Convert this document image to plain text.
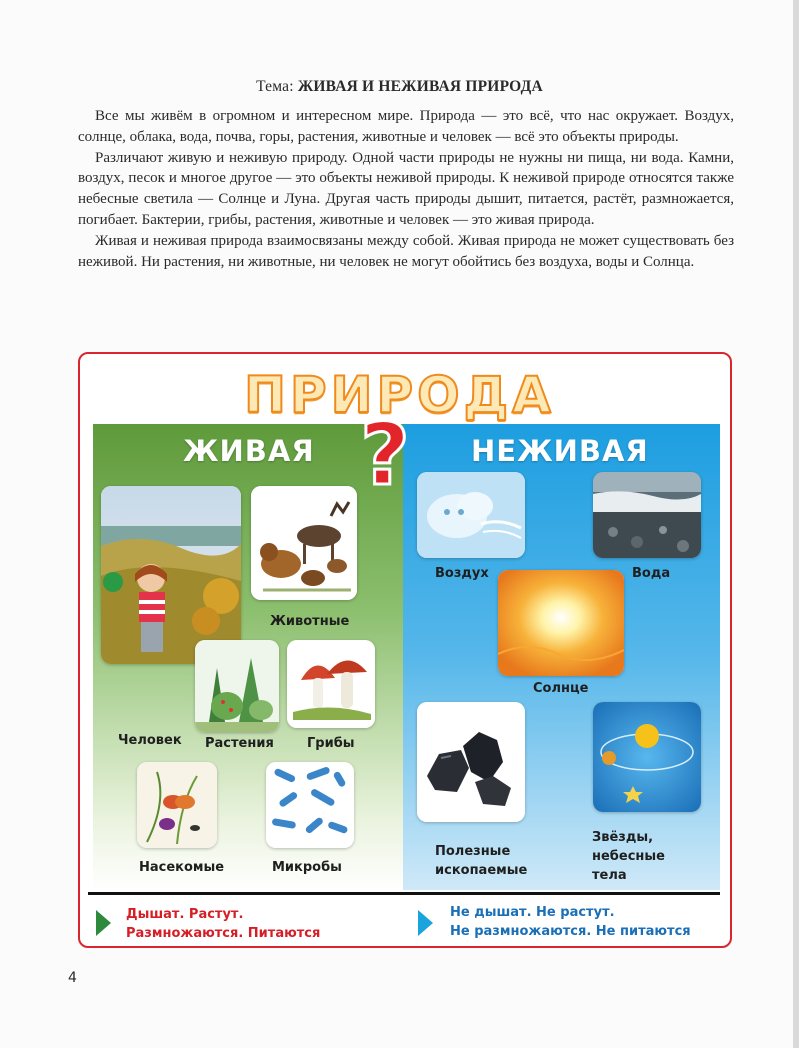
Тема: ЖИВАЯ И НЕЖИВАЯ ПРИРОДА

Все мы живём в огромном и интересном мире. Природа — это всё, что нас окружает. Воздух, солнце, облака, вода, почва, горы, растения, животные и человек — всё это объекты природы.

Различают живую и неживую природу. Одной части природы не нужны ни пища, ни вода. Камни, воздух, песок и многое другое — это объекты неживой природы. К неживой природе относятся также небесные светила — Солнце и Луна. Другая часть природы дышит, питается, растёт, размножается, погибает. Бактерии, грибы, растения, животные и человек — это живая природа.

Живая и неживая природа взаимосвязаны между собой. Живая природа не может существовать без неживой. Ни растения, ни животные, ни человек не могут обойтись без воздуха, воды и Солнца.

ЖИВАЯ	НЕЖИВАЯ
ПРИРОДА
?
Человек
Животные
Растения	Грибы
Насекомые	Микробы
Воздух	Вода
Солнце
Полезные ископаемые
Звёзды, небесные тела
Дышат. Растут.
Размножаются. Питаются
Не дышат. Не растут.
Не размножаются. Не питаются
4
